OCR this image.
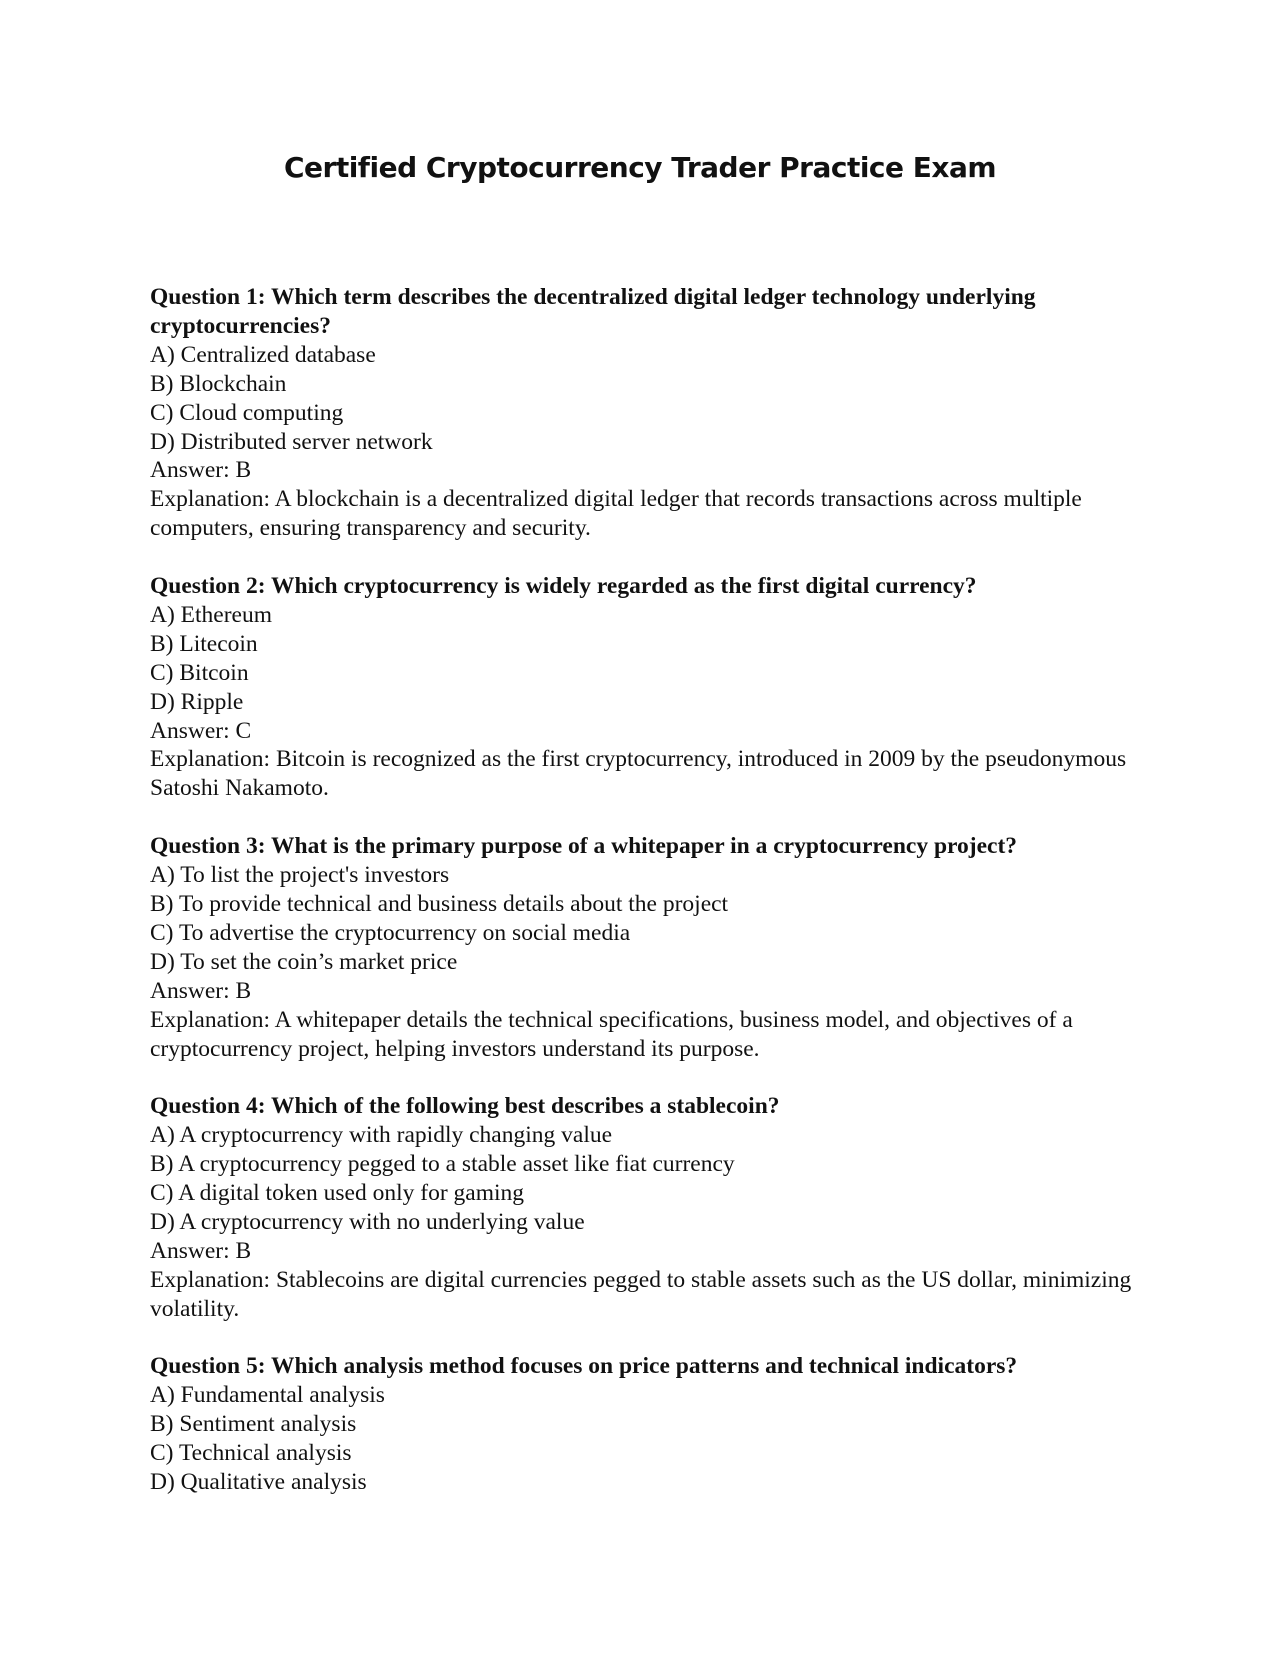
Certified Cryptocurrency Trader Practice Exam

Question 1: Which term describes the decentralized digital ledger technology underlying cryptocurrencies?

A) Centralized database

B) Blockchain

C) Cloud computing

D) Distributed server network

Answer: B

Explanation: A blockchain is a decentralized digital ledger that records transactions across multiple computers, ensuring transparency and security.

Question 2: Which cryptocurrency is widely regarded as the first digital currency?

A) Ethereum

B) Litecoin

C) Bitcoin

D) Ripple

Answer: C

Explanation: Bitcoin is recognized as the first cryptocurrency, introduced in 2009 by the pseudonymous Satoshi Nakamoto.

Question 3: What is the primary purpose of a whitepaper in a cryptocurrency project?

A) To list the project's investors

B) To provide technical and business details about the project

C) To advertise the cryptocurrency on social media

D) To set the coin’s market price

Answer: B

Explanation: A whitepaper details the technical specifications, business model, and objectives of a cryptocurrency project, helping investors understand its purpose.

Question 4: Which of the following best describes a stablecoin?

A) A cryptocurrency with rapidly changing value

B) A cryptocurrency pegged to a stable asset like fiat currency

C) A digital token used only for gaming

D) A cryptocurrency with no underlying value

Answer: B

Explanation: Stablecoins are digital currencies pegged to stable assets such as the US dollar, minimizing volatility.

Question 5: Which analysis method focuses on price patterns and technical indicators?

A) Fundamental analysis

B) Sentiment analysis

C) Technical analysis

D) Qualitative analysis
